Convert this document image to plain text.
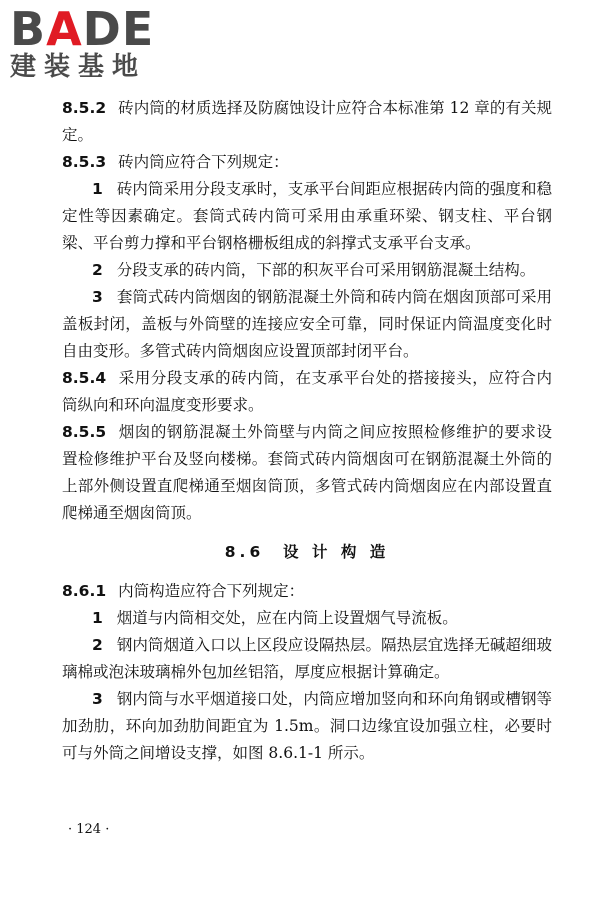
BADE
建装基地

8.5.2 砖内筒的材质选择及防腐蚀设计应符合本标准第 12 章的有关规定。

8.5.3 砖内筒应符合下列规定：

1 砖内筒采用分段支承时，支承平台间距应根据砖内筒的强度和稳定性等因素确定。套筒式砖内筒可采用由承重环梁、钢支柱、平台钢梁、平台剪力撑和平台钢格栅板组成的斜撑式支承平台支承。

2 分段支承的砖内筒，下部的积灰平台可采用钢筋混凝土结构。

3 套筒式砖内筒烟囱的钢筋混凝土外筒和砖内筒在烟囱顶部可采用盖板封闭，盖板与外筒壁的连接应安全可靠，同时保证内筒温度变化时自由变形。多管式砖内筒烟囱应设置顶部封闭平台。

8.5.4 采用分段支承的砖内筒，在支承平台处的搭接接头，应符合内筒纵向和环向温度变形要求。

8.5.5 烟囱的钢筋混凝土外筒壁与内筒之间应按照检修维护的要求设置检修维护平台及竖向楼梯。套筒式砖内筒烟囱可在钢筋混凝土外筒的上部外侧设置直爬梯通至烟囱筒顶，多管式砖内筒烟囱应在内部设置直爬梯通至烟囱筒顶。

8.6 设 计 构 造

8.6.1 内筒构造应符合下列规定：

1 烟道与内筒相交处，应在内筒上设置烟气导流板。

2 钢内筒烟道入口以上区段应设隔热层。隔热层宜选择无碱超细玻璃棉或泡沫玻璃棉外包加丝铝箔，厚度应根据计算确定。

3 钢内筒与水平烟道接口处，内筒应增加竖向和环向角钢或槽钢等加劲肋，环向加劲肋间距宜为 1.5m。洞口边缘宜设加强立柱，必要时可与外筒之间增设支撑，如图 8.6.1-1 所示。

· 124 ·
